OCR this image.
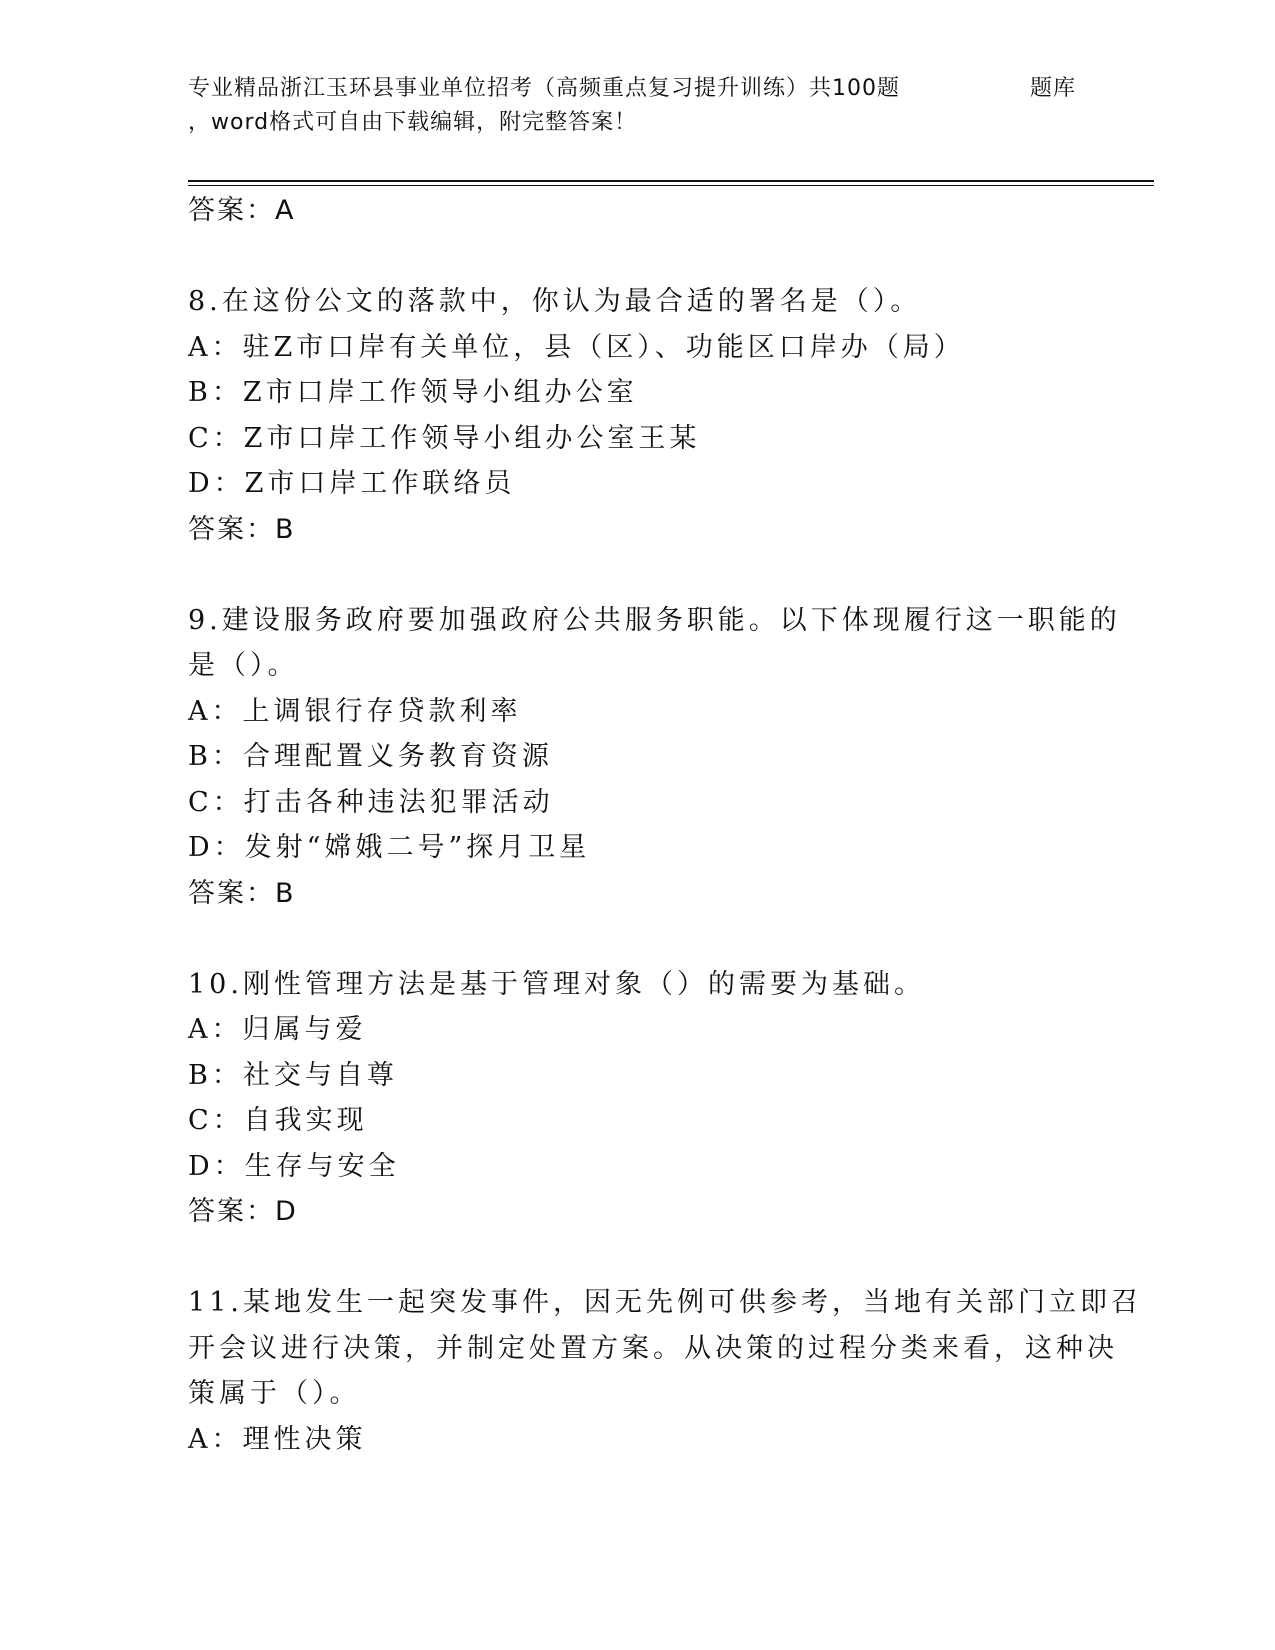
专业精品浙江玉环县事业单位招考（高频重点复习提升训练）共100题	题库
，word格式可自由下载编辑，附完整答案！
答案：A
8.在这份公文的落款中，你认为最合适的署名是（）。
A：驻Z市口岸有关单位，县（区）、功能区口岸办（局）
B：Z市口岸工作领导小组办公室
C：Z市口岸工作领导小组办公室王某
D：Z市口岸工作联络员
答案：B
9.建设服务政府要加强政府公共服务职能。以下体现履行这一职能的
是（）。
A：上调银行存贷款利率
B：合理配置义务教育资源
C：打击各种违法犯罪活动
D：发射“嫦娥二号”探月卫星
答案：B
10.刚性管理方法是基于管理对象（）的需要为基础。
A：归属与爱
B：社交与自尊
C：自我实现
D：生存与安全
答案：D
11.某地发生一起突发事件，因无先例可供参考，当地有关部门立即召
开会议进行决策，并制定处置方案。从决策的过程分类来看，这种决
策属于（）。
A：理性决策
